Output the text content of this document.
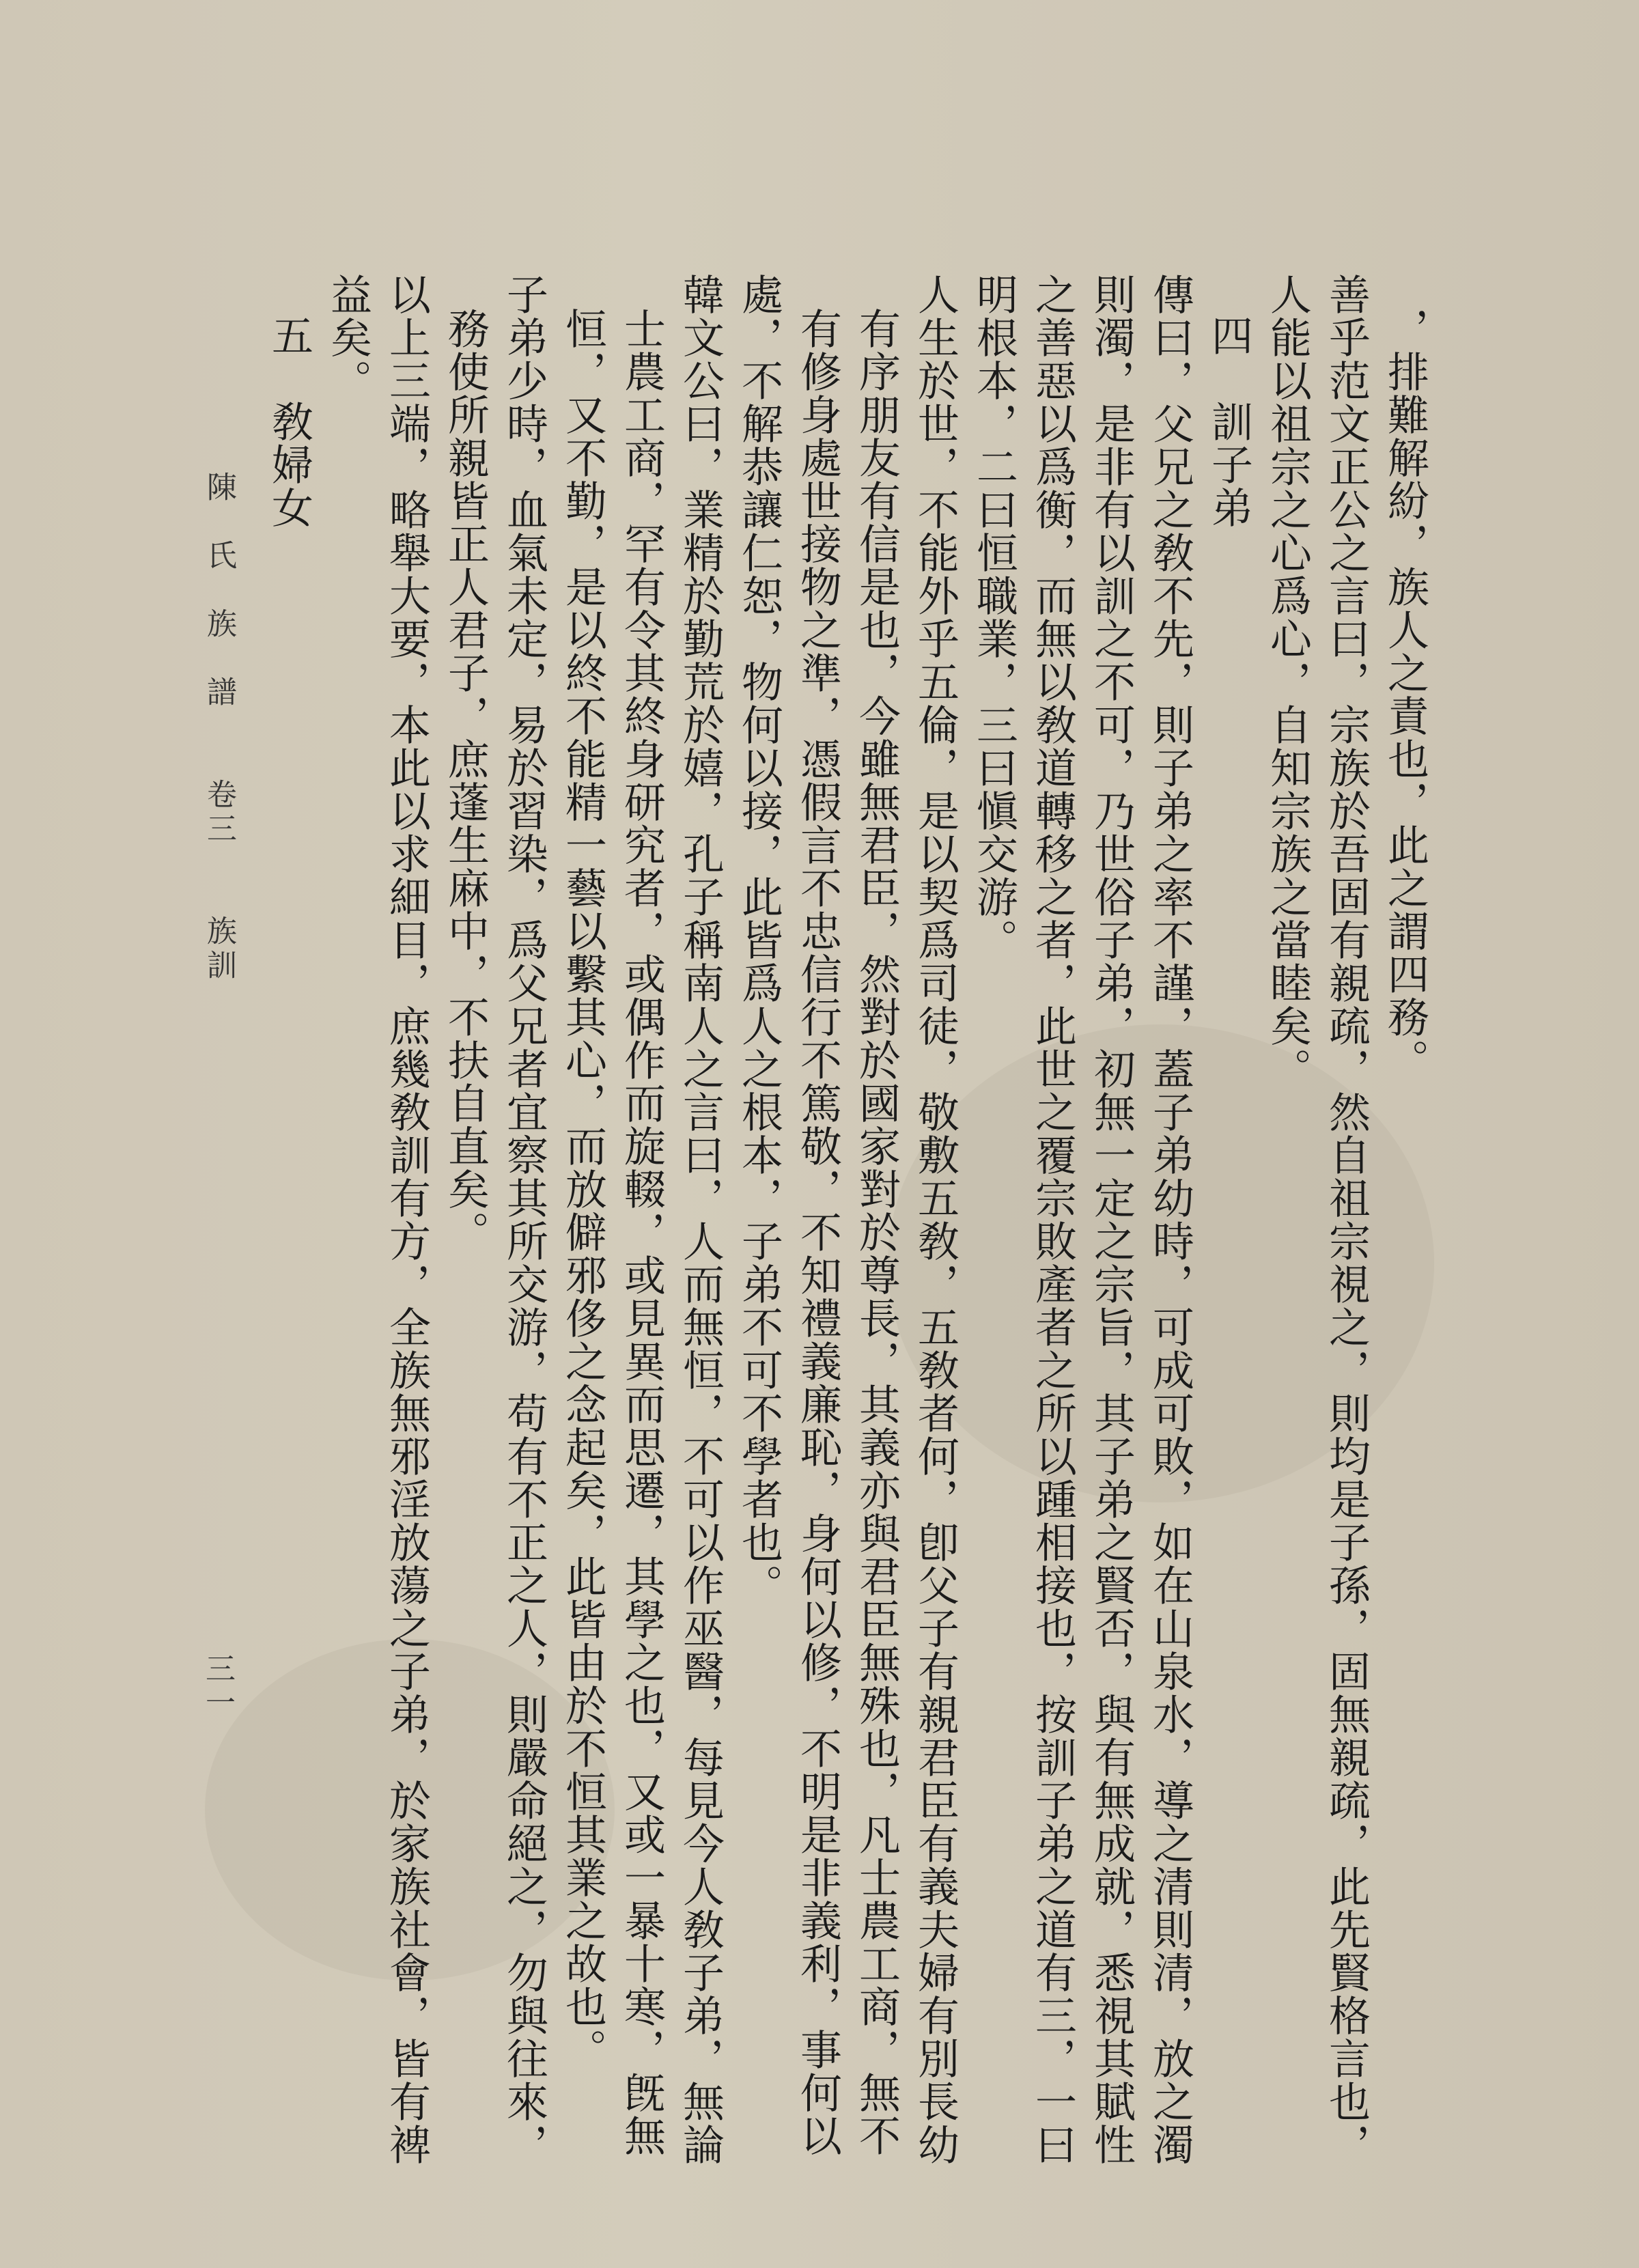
，排難解紛，族人之責也，此之謂四務。
善乎范文正公之言曰，宗族於吾固有親疏，然自祖宗視之，則均是子孫，固無親疏，此先賢格言也，
人能以祖宗之心爲心，自知宗族之當睦矣。
四　訓子弟
傳曰，父兄之敎不先，則子弟之率不謹，蓋子弟幼時，可成可敗，如在山泉水，導之清則清，放之濁
則濁，是非有以訓之不可，乃世俗子弟，初無一定之宗旨，其子弟之賢否，與有無成就，悉視其賦性
之善惡以爲衡，而無以敎道轉移之者，此世之覆宗敗產者之所以踵相接也，按訓子弟之道有三，一曰
明根本，二曰恒職業，三曰愼交游。
人生於世，不能外乎五倫，是以契爲司徒，敬敷五敎，五敎者何，卽父子有親君臣有義夫婦有別長幼
有序朋友有信是也，今雖無君臣，然對於國家對於尊長，其義亦與君臣無殊也，凡士農工商，無不
有修身處世接物之準，憑假言不忠信行不篤敬，不知禮義廉恥，身何以修，不明是非義利，事何以
處，不解恭讓仁恕，物何以接，此皆爲人之根本，子弟不可不學者也。
韓文公曰，業精於勤荒於嬉，孔子稱南人之言曰，人而無恒，不可以作巫醫，每見今人敎子弟，無論
士農工商，罕有令其終身研究者，或偶作而旋輟，或見異而思遷，其學之也，又或一暴十寒，旣無
恒，又不勤，是以終不能精一藝以繫其心，而放僻邪侈之念起矣，此皆由於不恒其業之故也。
子弟少時，血氣未定，易於習染，爲父兄者宜察其所交游，苟有不正之人，則嚴命絕之，勿與往來，
務使所親皆正人君子，庶蓬生麻中，不扶自直矣。
以上三端，略舉大要，本此以求細目，庶幾敎訓有方，全族無邪淫放蕩之子弟，於家族社會，皆有裨
益矣。
五　敎婦女
陳　氏　族　譜　　卷三　　族訓
三一
